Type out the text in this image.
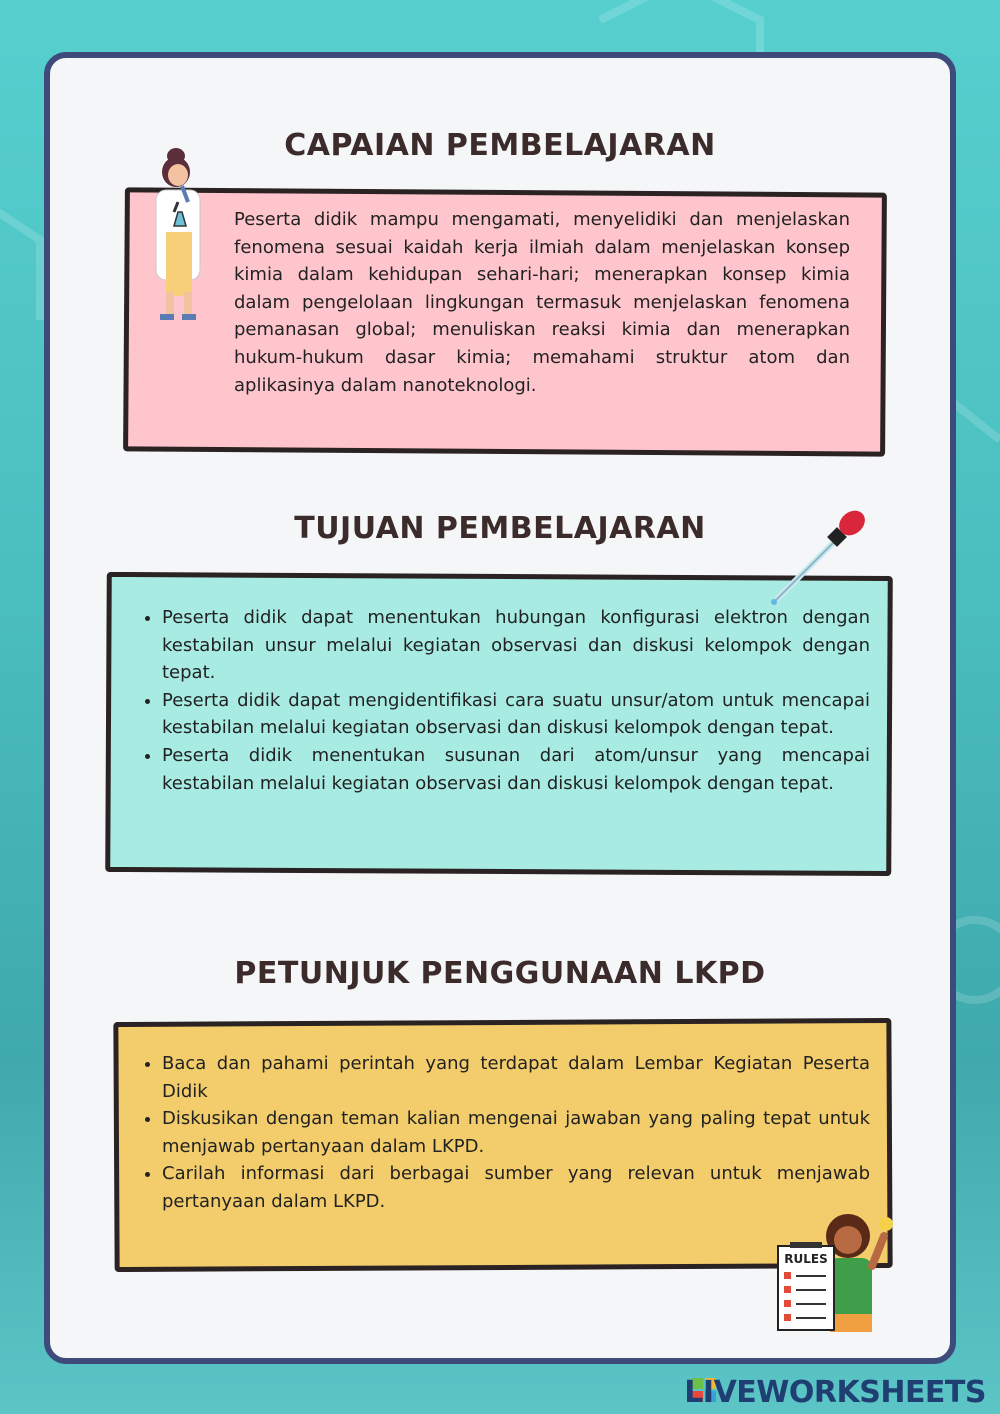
CAPAIAN PEMBELAJARAN
Peserta didik mampu mengamati, menyelidiki dan menjelaskan fenomena sesuai kaidah kerja ilmiah dalam menjelaskan konsep kimia dalam kehidupan sehari-hari; menerapkan konsep kimia dalam pengelolaan lingkungan termasuk menjelaskan fenomena pemanasan global; menuliskan reaksi kimia dan menerapkan hukum-hukum dasar kimia; memahami struktur atom dan aplikasinya dalam nanoteknologi.
TUJUAN PEMBELAJARAN
• Peserta didik dapat menentukan hubungan konfigurasi elektron dengan kestabilan unsur melalui kegiatan observasi dan diskusi kelompok dengan tepat.
• Peserta didik dapat mengidentifikasi cara suatu unsur/atom untuk mencapai kestabilan melalui kegiatan observasi dan diskusi kelompok dengan tepat.
• Peserta didik menentukan susunan dari atom/unsur yang mencapai kestabilan melalui kegiatan observasi dan diskusi kelompok dengan tepat.
PETUNJUK PENGGUNAAN LKPD
• Baca dan pahami perintah yang terdapat dalam Lembar Kegiatan Peserta Didik
• Diskusikan dengan teman kalian mengenai jawaban yang paling tepat untuk menjawab pertanyaan dalam LKPD.
• Carilah informasi dari berbagai sumber yang relevan untuk menjawab pertanyaan dalam LKPD.
RULES
LIVEWORKSHEETS
